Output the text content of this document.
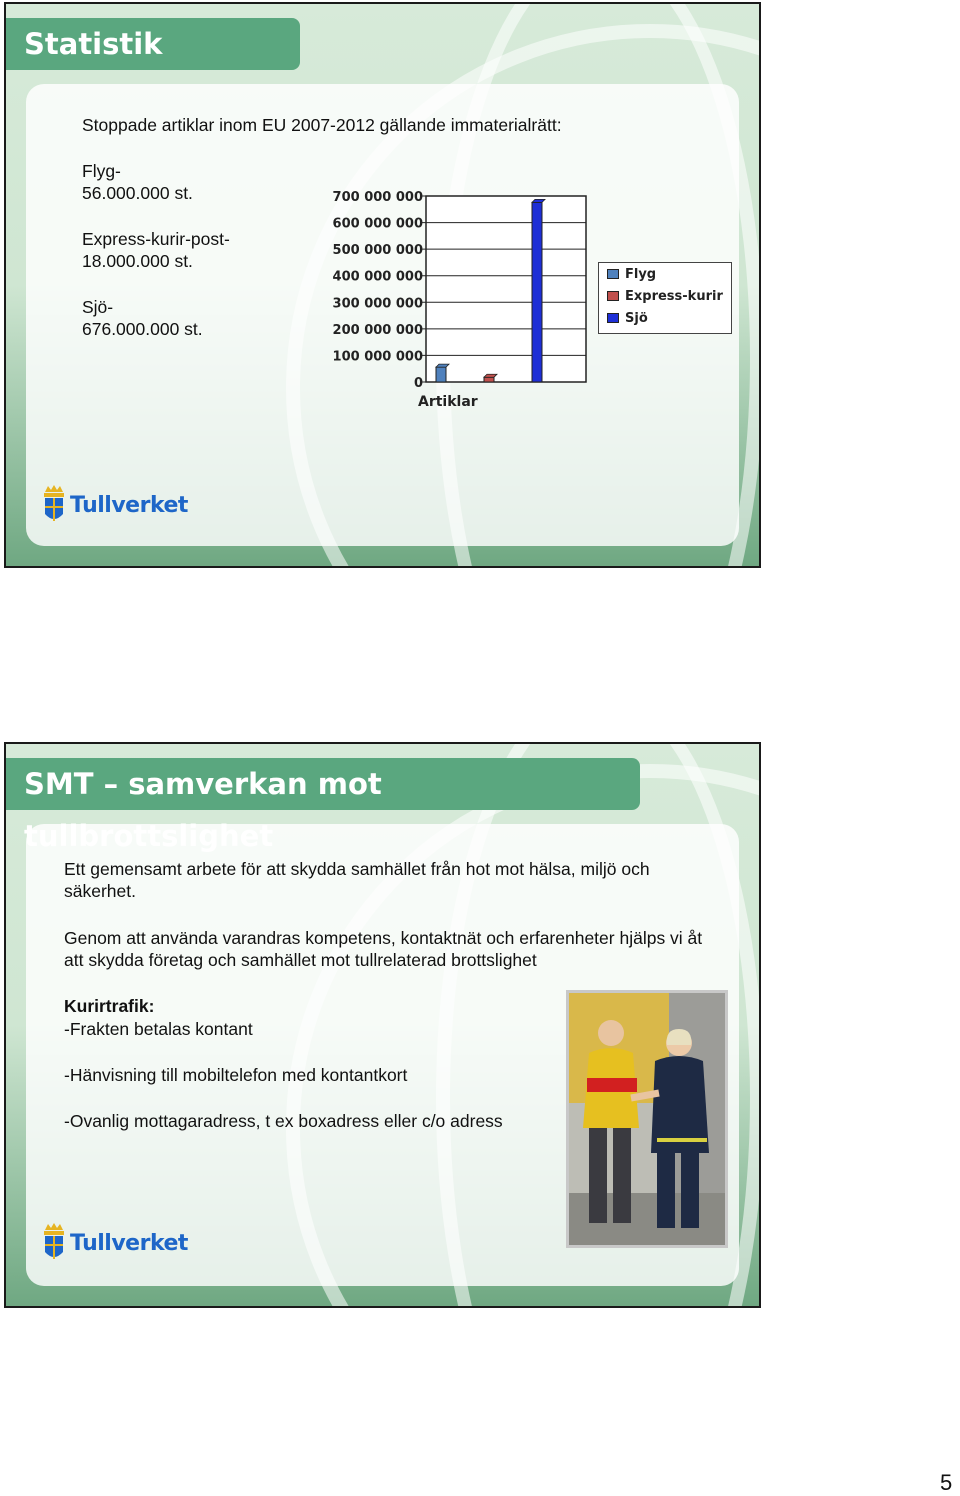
Statistik
Stoppade artiklar inom EU 2007-2012 gällande immaterialrätt:
Flyg-
56.000.000 st.
Express-kurir-post-
18.000.000 st.
Sjö-
676.000.000 st.
0
100 000 000
200 000 000
300 000 000
400 000 000
500 000 000
600 000 000
700 000 000
Artiklar
Flyg
Express-kurir
Sjö
Tullverket
SMT – samverkan mot tullbrottslighet
Ett gemensamt arbete för att skydda samhället från hot mot hälsa, miljö och säkerhet.
Genom att använda varandras kompetens, kontaktnät och erfarenheter hjälps vi åt att skydda företag och samhället mot tullrelaterad brottslighet
Kurirtrafik:
-Frakten betalas kontant
-Hänvisning till mobiltelefon med kontantkort
-Ovanlig mottagaradress, t ex boxadress eller c/o adress
Tullverket
5
